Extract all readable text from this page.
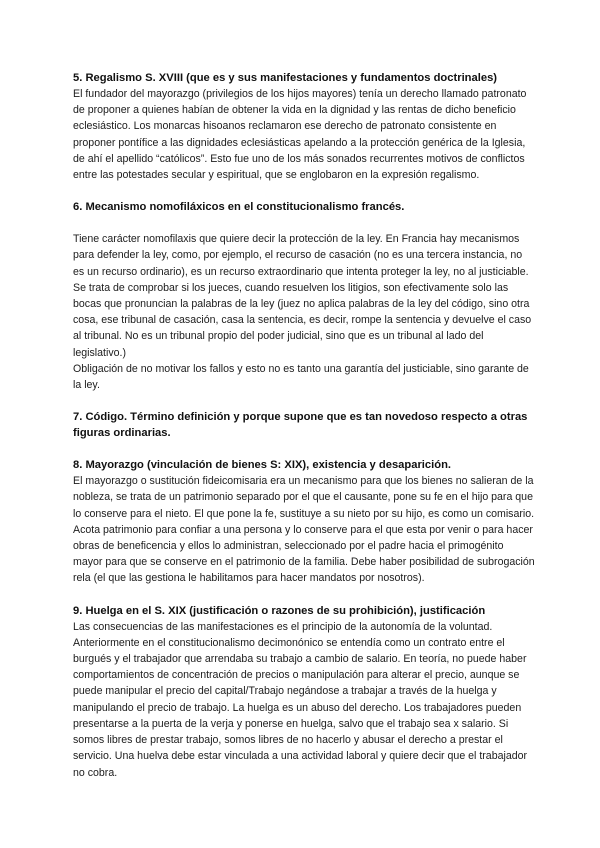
5. Regalismo S. XVIII (que es y sus manifestaciones y fundamentos doctrinales)

El fundador del mayorazgo (privilegios de los hijos mayores) tenía un derecho llamado patronato de proponer a quienes habían de obtener la vida en la dignidad y las rentas de dicho beneficio eclesiástico. Los monarcas hisoanos reclamaron ese derecho de patronato consistente en proponer pontífice a las dignidades eclesiásticas apelando a la protección genérica de la Iglesia, de ahí el apellido “católicos”. Esto fue uno de los más sonados recurrentes motivos de conflictos entre las potestades secular y espiritual, que se englobaron en la expresión regalismo.

6. Mecanismo nomofiláxicos en el constitucionalismo francés.

Tiene carácter nomofilaxis que quiere decir la protección de la ley. En Francia hay mecanismos para defender la ley, como, por ejemplo, el recurso de casación (no es una tercera instancia, no es un recurso ordinario), es un recurso extraordinario que intenta proteger la ley, no al justiciable. Se trata de comprobar si los jueces, cuando resuelven los litigios, son efectivamente solo las bocas que pronuncian la palabras de la ley (juez no aplica palabras de la ley del código, sino otra cosa, ese tribunal de casación, casa la sentencia, es decir, rompe la sentencia y devuelve el caso al tribunal. No es un tribunal propio del poder judicial, sino que es un tribunal al lado del legislativo.)

Obligación de no motivar los fallos y esto no es tanto una garantía del justiciable, sino garante de la ley.

7. Código. Término definición y porque supone que es tan novedoso respecto a otras figuras ordinarias.
8. Mayorazgo (vinculación de bienes S: XIX), existencia y desaparición.

El mayorazgo o sustitución fideicomisaria era un mecanismo para que los bienes no salieran de la nobleza, se trata de un patrimonio separado por el que el causante, pone su fe en el hijo para que lo conserve para el nieto. El que pone la fe, sustituye a su nieto por su hijo, es como un comisario. Acota patrimonio para confiar a una persona y lo conserve para el que esta por venir o para hacer obras de beneficencia y ellos lo administran, seleccionado por el padre hacia el primogénito mayor para que se conserve en el patrimonio de la familia. Debe haber posibilidad de subrogación rela (el que las gestiona le habilitamos para hacer mandatos por nosotros).

9. Huelga en el S. XIX (justificación o razones de su prohibición), justificación

Las consecuencias de las manifestaciones es el principio de la autonomía de la voluntad. Anteriormente en el constitucionalismo decimonónico se entendía como un contrato entre el burgués y el trabajador que arrendaba su trabajo a cambio de salario. En teoría, no puede haber comportamientos de concentración de precios o manipulación para alterar el precio, aunque se puede manipular el precio del capital/Trabajo negándose a trabajar a través de la huelga y manipulando el precio de trabajo. La huelga es un abuso del derecho. Los trabajadores pueden presentarse a la puerta de la verja y ponerse en huelga, salvo que el trabajo sea x salario. Si somos libres de prestar trabajo, somos libres de no hacerlo y abusar el derecho a prestar el servicio. Una huelva debe estar vinculada a una actividad laboral y quiere decir que el trabajador no cobra.
